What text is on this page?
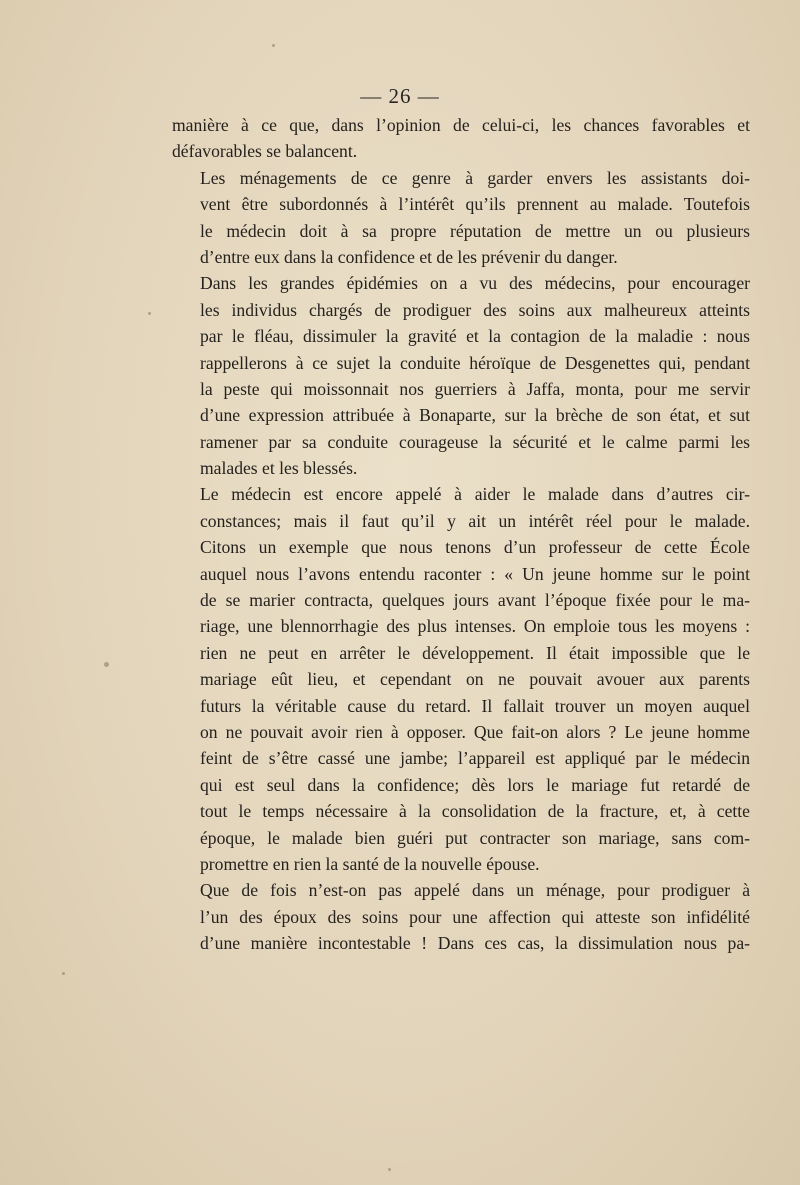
— 26 —
manière à ce que, dans l’opinion de celui-ci, les chances favorables et
défavorables se balancent.
Les ménagements de ce genre à garder envers les assistants doi-
vent être subordonnés à l’intérêt qu’ils prennent au malade. Toutefois
le médecin doit à sa propre réputation de mettre un ou plusieurs
d’entre eux dans la confidence et de les prévenir du danger.
Dans les grandes épidémies on a vu des médecins, pour encourager
les individus chargés de prodiguer des soins aux malheureux atteints
par le fléau, dissimuler la gravité et la contagion de la maladie : nous
rappellerons à ce sujet la conduite héroïque de Desgenettes qui, pendant
la peste qui moissonnait nos guerriers à Jaffa, monta, pour me servir
d’une expression attribuée à Bonaparte, sur la brèche de son état, et sut
ramener par sa conduite courageuse la sécurité et le calme parmi les
malades et les blessés.
Le médecin est encore appelé à aider le malade dans d’autres cir-
constances; mais il faut qu’il y ait un intérêt réel pour le malade.
Citons un exemple que nous tenons d’un professeur de cette École
auquel nous l’avons entendu raconter : « Un jeune homme sur le point
de se marier contracta, quelques jours avant l’époque fixée pour le ma-
riage, une blennorrhagie des plus intenses. On emploie tous les moyens :
rien ne peut en arrêter le développement. Il était impossible que le
mariage eût lieu, et cependant on ne pouvait avouer aux parents
futurs la véritable cause du retard. Il fallait trouver un moyen auquel
on ne pouvait avoir rien à opposer. Que fait-on alors ? Le jeune homme
feint de s’être cassé une jambe; l’appareil est appliqué par le médecin
qui est seul dans la confidence; dès lors le mariage fut retardé de
tout le temps nécessaire à la consolidation de la fracture, et, à cette
époque, le malade bien guéri put contracter son mariage, sans com-
promettre en rien la santé de la nouvelle épouse.
Que de fois n’est-on pas appelé dans un ménage, pour prodiguer à
l’un des époux des soins pour une affection qui atteste son infidélité
d’une manière incontestable ! Dans ces cas, la dissimulation nous pa-
